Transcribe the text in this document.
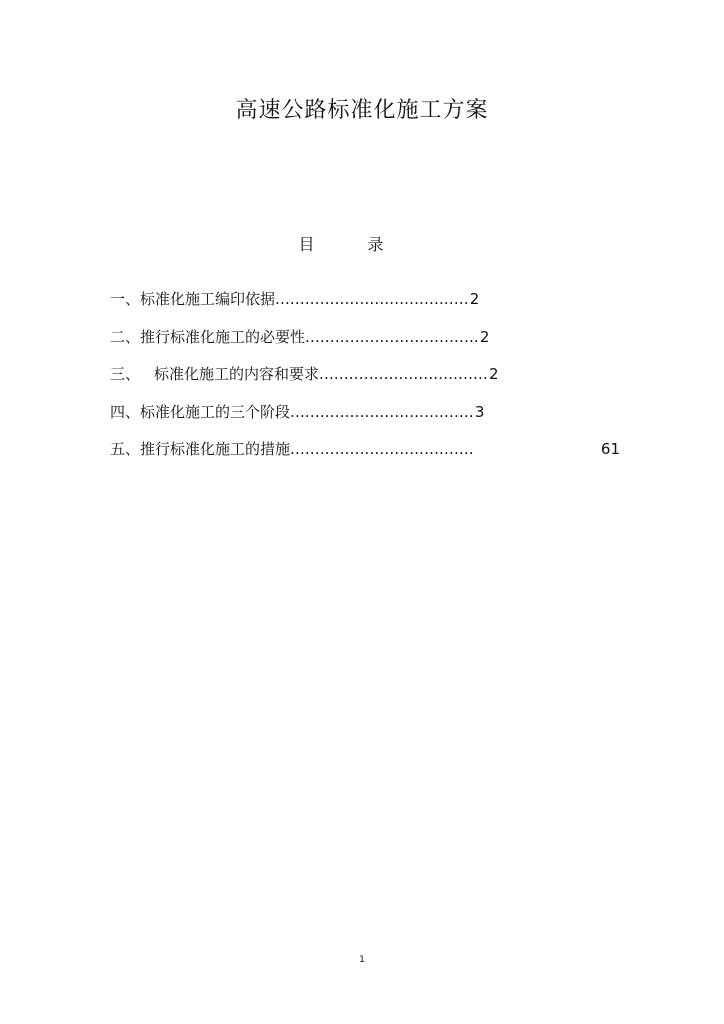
高速公路标准化施工方案
目 录
一、标准化施工编印依据 ....................................... 2
二、推行标准化施工的必要性 ................................... 2
三、 标准化施工的内容和要求 .................................. 2
四、标准化施工的三个阶段 ..................................... 3
五、推行标准化施工的措施 .....................................	61
1
